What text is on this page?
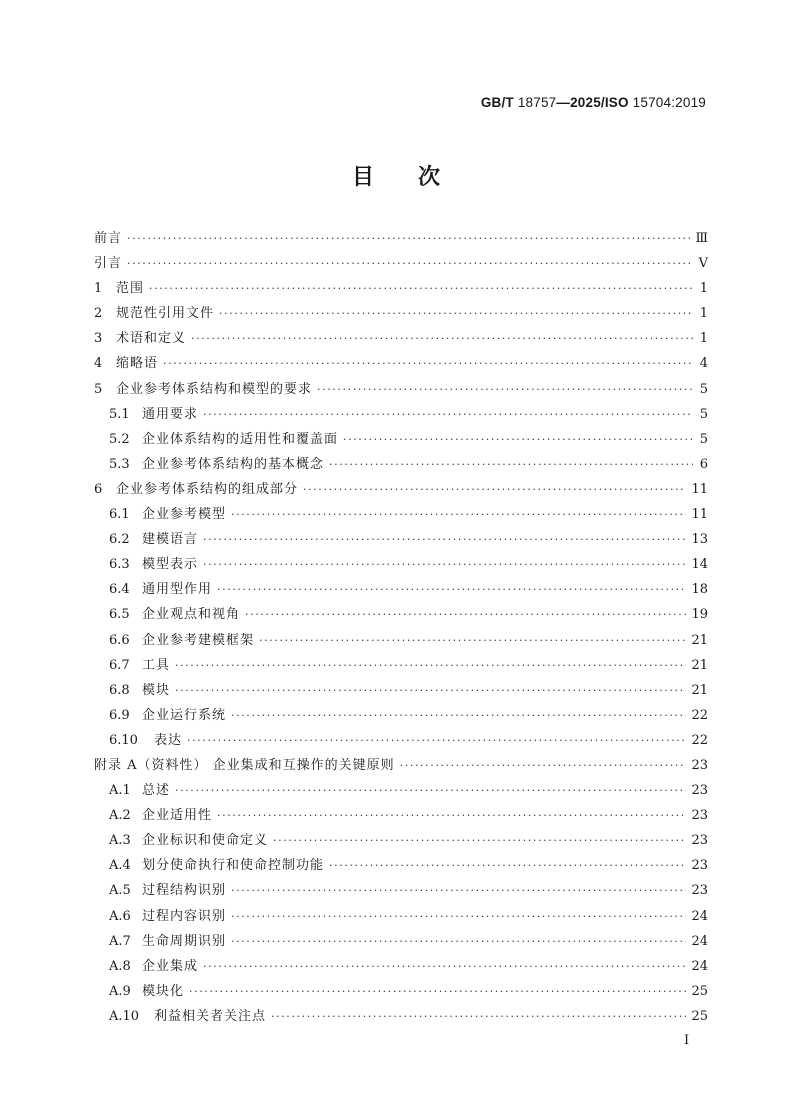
GB/T 18757—2025/ISO 15704:2019
目次
前言 ·····	Ⅲ
引言 ·····	Ⅴ
1	范围 ·····	1
2	规范性引用文件 ·····	1
3	术语和定义 ·····	1
4	缩略语 ·····	4
5	企业参考体系结构和模型的要求 ·····	5
5.1 通用要求 ·····	5
5.2 企业体系结构的适用性和覆盖面 ·····	5
5.3 企业参考体系结构的基本概念 ·····	6
6	企业参考体系结构的组成部分 ·····	11
6.1 企业参考模型 ·····	11
6.2 建模语言 ·····	13
6.3 模型表示 ·····	14
6.4 通用型作用 ·····	18
6.5 企业观点和视角 ·····	19
6.6 企业参考建模框架 ·····	21
6.7 工具 ·····	21
6.8 模块 ·····	21
6.9 企业运行系统 ·····	22
6.10	表达 ·····	22
附录 A（资料性） 企业集成和互操作的关键原则 ·····	23
A.1 总述 ·····	23
A.2 企业适用性 ·····	23
A.3 企业标识和使命定义 ·····	23
A.4 划分使命执行和使命控制功能 ·····	23
A.5 过程结构识别 ·····	23
A.6 过程内容识别 ·····	24
A.7 生命周期识别 ·····	24
A.8 企业集成 ·····	24
A.9 模块化 ·····	25
A.10	利益相关者关注点 ·····	25
Ⅰ
